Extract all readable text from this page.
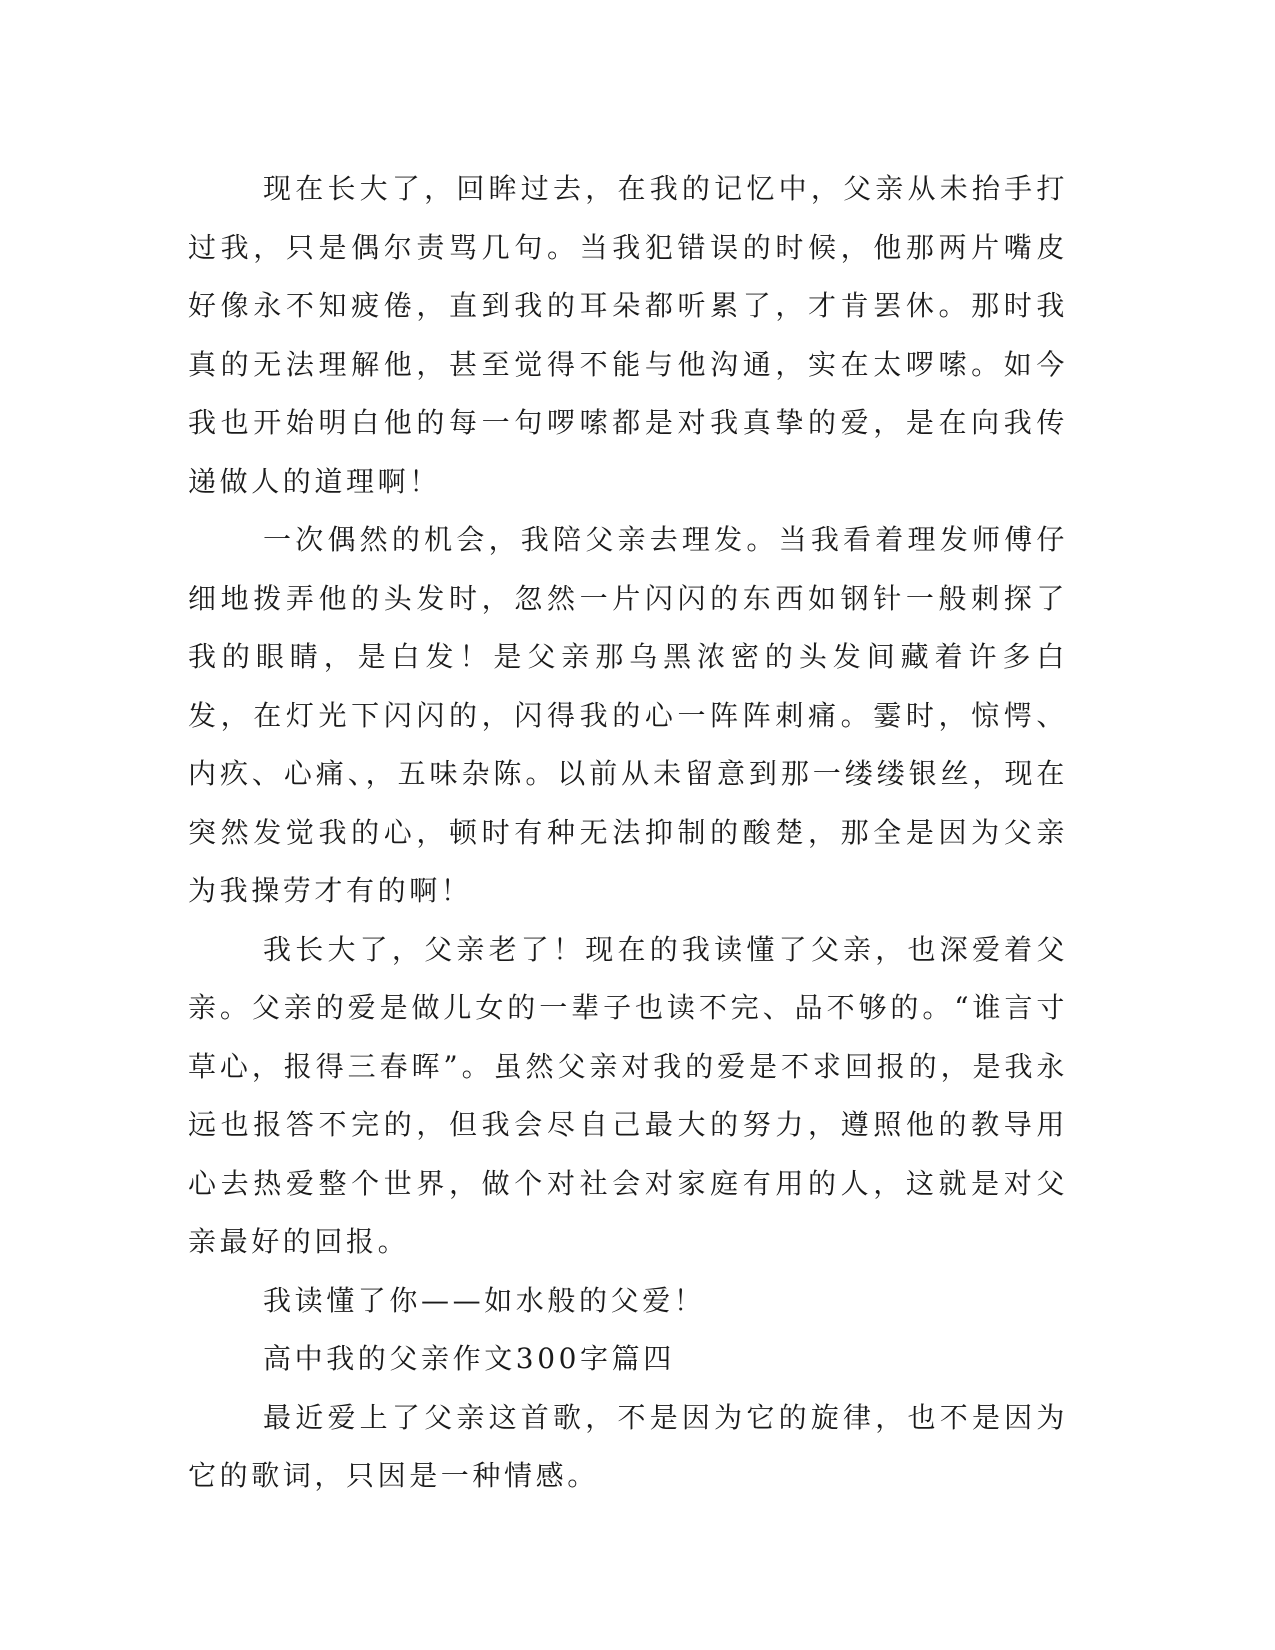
现在长大了，回眸过去，在我的记忆中，父亲从未抬手打过我，只是偶尔责骂几句。当我犯错误的时候，他那两片嘴皮好像永不知疲倦，直到我的耳朵都听累了，才肯罢休。那时我真的无法理解他，甚至觉得不能与他沟通，实在太啰嗦。如今我也开始明白他的每一句啰嗦都是对我真挚的爱，是在向我传递做人的道理啊！

一次偶然的机会，我陪父亲去理发。当我看着理发师傅仔细地拨弄他的头发时，忽然一片闪闪的东西如钢针一般刺探了我的眼睛，是白发！是父亲那乌黑浓密的头发间藏着许多白发，在灯光下闪闪的，闪得我的心一阵阵刺痛。霎时，惊愕、内疚、心痛、，五味杂陈。以前从未留意到那一缕缕银丝，现在突然发觉我的心，顿时有种无法抑制的酸楚，那全是因为父亲为我操劳才有的啊！

我长大了，父亲老了！现在的我读懂了父亲，也深爱着父亲。父亲的爱是做儿女的一辈子也读不完、品不够的。“谁言寸草心，报得三春晖”。虽然父亲对我的爱是不求回报的，是我永远也报答不完的，但我会尽自己最大的努力，遵照他的教导用心去热爱整个世界，做个对社会对家庭有用的人，这就是对父亲最好的回报。

我读懂了你——如水般的父爱！

高中我的父亲作文300字篇四

最近爱上了父亲这首歌，不是因为它的旋律，也不是因为它的歌词，只因是一种情感。
